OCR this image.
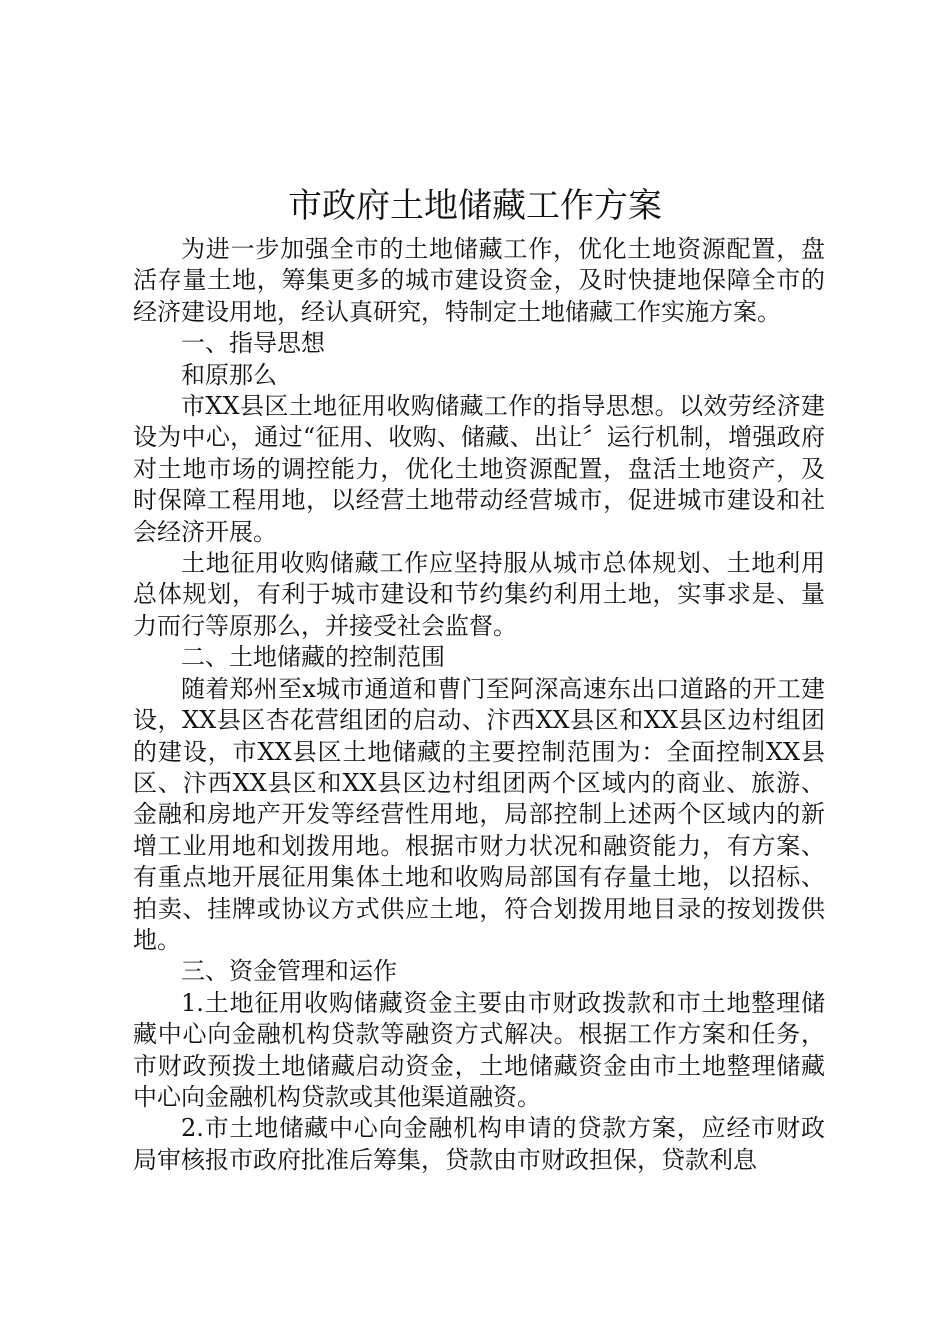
市政府土地储藏工作方案

为进一步加强全市的土地储藏工作，优化土地资源配置，盘活存量土地，筹集更多的城市建设资金，及时快捷地保障全市的经济建设用地，经认真研究，特制定土地储藏工作实施方案。

一、指导思想

和原那么

市XX县区土地征用收购储藏工作的指导思想。以效劳经济建设为中心，通过“征用、收购、储藏、出让〞运行机制，增强政府对土地市场的调控能力，优化土地资源配置，盘活土地资产，及时保障工程用地，以经营土地带动经营城市，促进城市建设和社会经济开展。

土地征用收购储藏工作应坚持服从城市总体规划、土地利用总体规划，有利于城市建设和节约集约利用土地，实事求是、量力而行等原那么，并接受社会监督。

二、土地储藏的控制范围

随着郑州至x城市通道和曹门至阿深高速东出口道路的开工建设，XX县区杏花营组团的启动、汴西XX县区和XX县区边村组团的建设，市XX县区土地储藏的主要控制范围为：全面控制XX县区、汴西XX县区和XX县区边村组团两个区域内的商业、旅游、金融和房地产开发等经营性用地，局部控制上述两个区域内的新增工业用地和划拨用地。根据市财力状况和融资能力，有方案、有重点地开展征用集体土地和收购局部国有存量土地，以招标、拍卖、挂牌或协议方式供应土地，符合划拨用地目录的按划拨供地。

三、资金管理和运作

1.土地征用收购储藏资金主要由市财政拨款和市土地整理储藏中心向金融机构贷款等融资方式解决。根据工作方案和任务，市财政预拨土地储藏启动资金，土地储藏资金由市土地整理储藏中心向金融机构贷款或其他渠道融资。

2.市土地储藏中心向金融机构申请的贷款方案，应经市财政局审核报市政府批准后筹集，贷款由市财政担保，贷款利息
